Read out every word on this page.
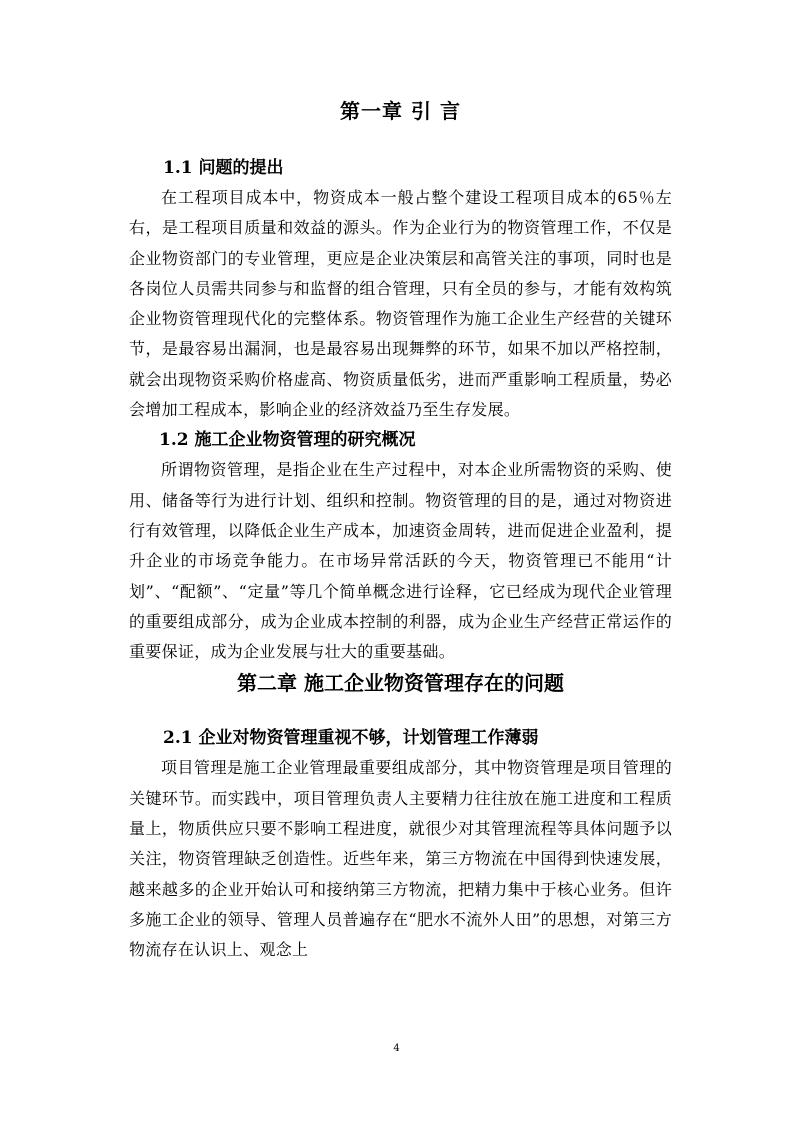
第一章 引 言
1.1 问题的提出

在工程项目成本中，物资成本一般占整个建设工程项目成本的65％左右，是工程项目质量和效益的源头。作为企业行为的物资管理工作，不仅是企业物资部门的专业管理，更应是企业决策层和高管关注的事项，同时也是各岗位人员需共同参与和监督的组合管理，只有全员的参与，才能有效构筑企业物资管理现代化的完整体系。物资管理作为施工企业生产经营的关键环节，是最容易出漏洞，也是最容易出现舞弊的环节，如果不加以严格控制，就会出现物资采购价格虚高、物资质量低劣，进而严重影响工程质量，势必会增加工程成本，影响企业的经济效益乃至生存发展。

1.2 施工企业物资管理的研究概况

所谓物资管理，是指企业在生产过程中，对本企业所需物资的采购、使用、储备等行为进行计划、组织和控制。物资管理的目的是，通过对物资进行有效管理，以降低企业生产成本，加速资金周转，进而促进企业盈利，提升企业的市场竞争能力。在市场异常活跃的今天，物资管理已不能用“计划”、“配额”、“定量”等几个简单概念进行诠释，它已经成为现代企业管理的重要组成部分，成为企业成本控制的利器，成为企业生产经营正常运作的重要保证，成为企业发展与壮大的重要基础。

第二章 施工企业物资管理存在的问题
2.1 企业对物资管理重视不够，计划管理工作薄弱

项目管理是施工企业管理最重要组成部分，其中物资管理是项目管理的关键环节。而实践中，项目管理负责人主要精力往往放在施工进度和工程质量上，物质供应只要不影响工程进度，就很少对其管理流程等具体问题予以关注，物资管理缺乏创造性。近些年来，第三方物流在中国得到快速发展，越来越多的企业开始认可和接纳第三方物流，把精力集中于核心业务。但许多施工企业的领导、管理人员普遍存在“肥水不流外人田”的思想，对第三方物流存在认识上、观念上

4
